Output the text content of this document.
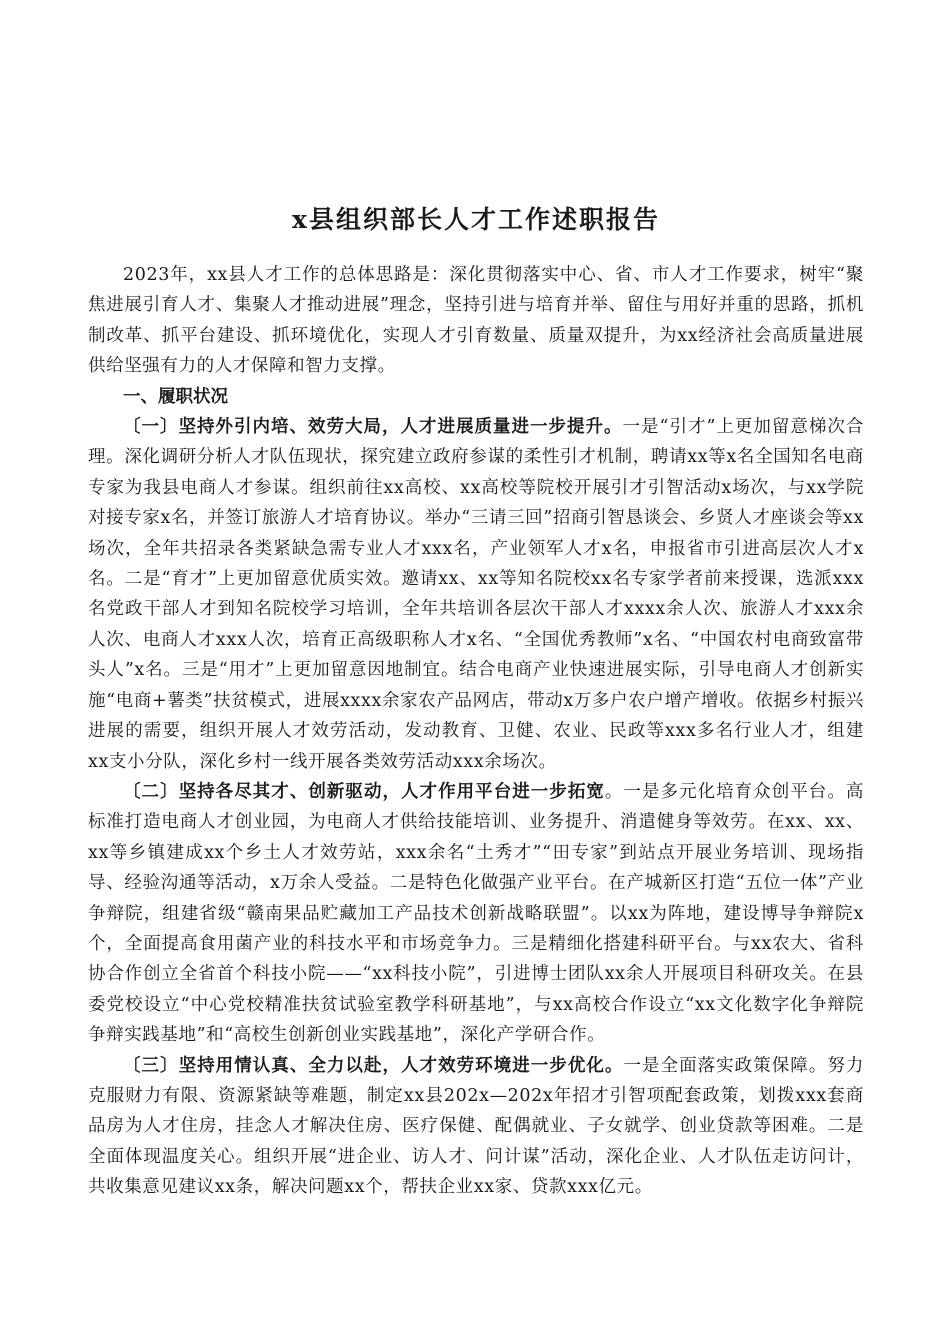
x县组织部长人才工作述职报告

2023年，xx县人才工作的总体思路是：深化贯彻落实中心、省、市人才工作要求，树牢“聚焦进展引育人才、集聚人才推动进展”理念，坚持引进与培育并举、留住与用好并重的思路，抓机制改革、抓平台建设、抓环境优化，实现人才引育数量、质量双提升，为xx经济社会高质量进展供给坚强有力的人才保障和智力支撑。

一、履职状况

〔一〕坚持外引内培、效劳大局，人才进展质量进一步提升。一是“引才”上更加留意梯次合理。深化调研分析人才队伍现状，探究建立政府参谋的柔性引才机制，聘请xx等x名全国知名电商专家为我县电商人才参谋。组织前往xx高校、xx高校等院校开展引才引智活动x场次，与xx学院对接专家x名，并签订旅游人才培育协议。举办“三请三回”招商引智恳谈会、乡贤人才座谈会等xx场次，全年共招录各类紧缺急需专业人才xxx名，产业领军人才x名，申报省市引进高层次人才x名。二是“育才”上更加留意优质实效。邀请xx、xx等知名院校xx名专家学者前来授课，选派xxx名党政干部人才到知名院校学习培训，全年共培训各层次干部人才xxxx余人次、旅游人才xxx余人次、电商人才xxx人次，培育正高级职称人才x名、“全国优秀教师”x名、“中国农村电商致富带头人”x名。三是“用才”上更加留意因地制宜。结合电商产业快速进展实际，引导电商人才创新实施“电商+薯类”扶贫模式，进展xxxx余家农产品网店，带动x万多户农户增产增收。依据乡村振兴进展的需要，组织开展人才效劳活动，发动教育、卫健、农业、民政等xxx多名行业人才，组建xx支小分队，深化乡村一线开展各类效劳活动xxx余场次。

〔二〕坚持各尽其才、创新驱动，人才作用平台进一步拓宽。一是多元化培育众创平台。高标准打造电商人才创业园，为电商人才供给技能培训、业务提升、消遣健身等效劳。在xx、xx、xx等乡镇建成xx个乡土人才效劳站，xxx余名“土秀才”“田专家”到站点开展业务培训、现场指导、经验沟通等活动，x万余人受益。二是特色化做强产业平台。在产城新区打造“五位一体”产业争辩院，组建省级“赣南果品贮藏加工产品技术创新战略联盟”。以xx为阵地，建设博导争辩院x个，全面提高食用菌产业的科技水平和市场竞争力。三是精细化搭建科研平台。与xx农大、省科协合作创立全省首个科技小院——“xx科技小院”，引进博士团队xx余人开展项目科研攻关。在县委党校设立“中心党校精准扶贫试验室教学科研基地”，与xx高校合作设立“xx文化数字化争辩院争辩实践基地”和“高校生创新创业实践基地”，深化产学研合作。

〔三〕坚持用情认真、全力以赴，人才效劳环境进一步优化。一是全面落实政策保障。努力克服财力有限、资源紧缺等难题，制定xx县202x—202x年招才引智项配套政策，划拨xxx套商品房为人才住房，挂念人才解决住房、医疗保健、配偶就业、子女就学、创业贷款等困难。二是全面体现温度关心。组织开展“进企业、访人才、问计谋”活动，深化企业、人才队伍走访问计，共收集意见建议xx条，解决问题xx个，帮扶企业xx家、贷款xxx亿元。
